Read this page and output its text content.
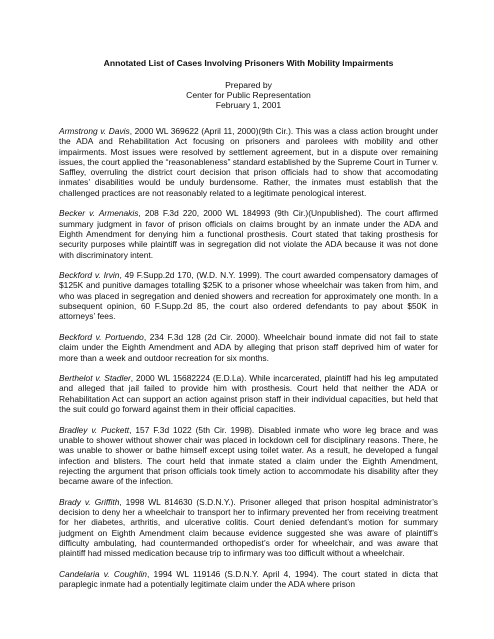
Annotated List of Cases Involving Prisoners With Mobility Impairments
Prepared by
Center for Public Representation
February 1, 2001

Armstrong v. Davis, 2000 WL 369622 (April 11, 2000)(9th Cir.). This was a class action brought under the ADA and Rehabilitation Act focusing on prisoners and parolees with mobility and other impairments. Most issues were resolved by settlement agreement, but in a dispute over remaining issues, the court applied the “reasonableness” standard established by the Supreme Court in Turner v. Saffley, overruling the district court decision that prison officials had to show that accomodating inmates’ disabilities would be unduly burdensome. Rather, the inmates must establish that the challenged practices are not reasonably related to a legitimate penological interest.

Becker v. Armenakis, 208 F.3d 220, 2000 WL 184993 (9th Cir.)(Unpublished). The court affirmed summary judgment in favor of prison officials on claims brought by an inmate under the ADA and Eighth Amendment for denying him a functional prosthesis. Court stated that taking prosthesis for security purposes while plaintiff was in segregation did not violate the ADA because it was not done with discriminatory intent.

Beckford v. Irvin, 49 F.Supp.2d 170, (W.D. N.Y. 1999). The court awarded compensatory damages of $125K and punitive damages totalling $25K to a prisoner whose wheelchair was taken from him, and who was placed in segregation and denied showers and recreation for approximately one month. In a subsequent opinion, 60 F.Supp.2d 85, the court also ordered defendants to pay about $50K in attorneys’ fees.

Beckford v. Portuendo, 234 F.3d 128 (2d Cir. 2000). Wheelchair bound inmate did not fail to state claim under the Eighth Amendment and ADA by alleging that prison staff deprived him of water for more than a week and outdoor recreation for six months.

Berthelot v. Stadler, 2000 WL 15682224 (E.D.La). While incarcerated, plaintiff had his leg amputated and alleged that jail failed to provide him with prosthesis. Court held that neither the ADA or Rehabilitation Act can support an action against prison staff in their individual capacities, but held that the suit could go forward against them in their official capacities.

Bradley v. Puckett, 157 F.3d 1022 (5th Cir. 1998). Disabled inmate who wore leg brace and was unable to shower without shower chair was placed in lockdown cell for disciplinary reasons. There, he was unable to shower or bathe himself except using toilet water. As a result, he developed a fungal infection and blisters. The court held that inmate stated a claim under the Eighth Amendment, rejecting the argument that prison officials took timely action to accommodate his disability after they became aware of the infection.

Brady v. Griffith, 1998 WL 814630 (S.D.N.Y.). Prisoner alleged that prison hospital administrator’s decision to deny her a wheelchair to transport her to infirmary prevented her from receiving treatment for her diabetes, arthritis, and ulcerative colitis. Court denied defendant’s motion for summary judgment on Eighth Amendment claim because evidence suggested she was aware of plaintiff’s difficulty ambulating, had countermanded orthopedist’s order for wheelchair, and was aware that plaintiff had missed medication because trip to infirmary was too difficult without a wheelchair.

Candelaria v. Coughlin, 1994 WL 119146 (S.D.N.Y. April 4, 1994). The court stated in dicta that paraplegic inmate had a potentially legitimate claim under the ADA where prison
